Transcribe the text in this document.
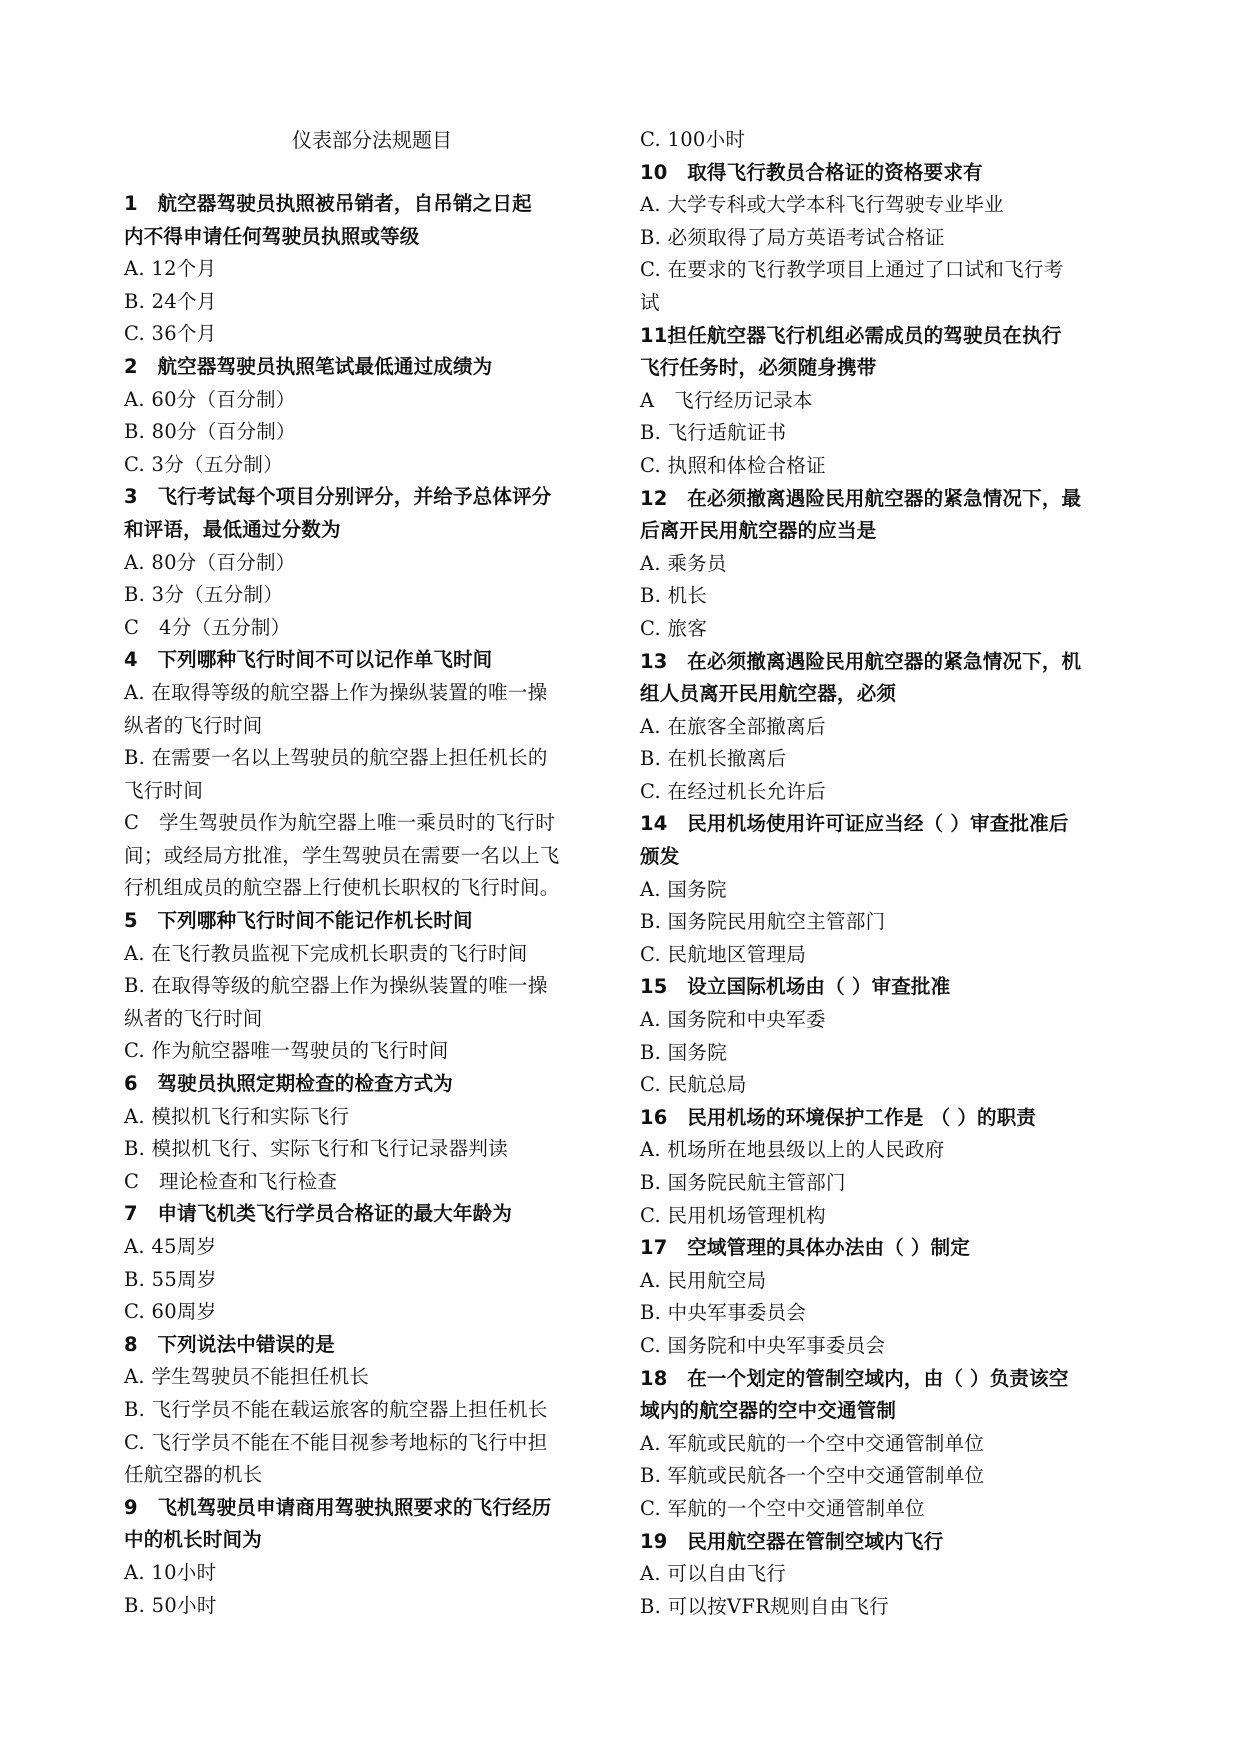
仪表部分法规题目
1　航空器驾驶员执照被吊销者，自吊销之日起
内不得申请任何驾驶员执照或等级
A. 12个月
B. 24个月
C. 36个月
2　航空器驾驶员执照笔试最低通过成绩为
A. 60分（百分制）
B. 80分（百分制）
C. 3分（五分制）
3　飞行考试每个项目分别评分，并给予总体评分
和评语，最低通过分数为
A. 80分（百分制）
B. 3分（五分制）
C　4分（五分制）
4　下列哪种飞行时间不可以记作单飞时间
A. 在取得等级的航空器上作为操纵装置的唯一操
纵者的飞行时间
B. 在需要一名以上驾驶员的航空器上担任机长的
飞行时间
C　学生驾驶员作为航空器上唯一乘员时的飞行时
间；或经局方批准，学生驾驶员在需要一名以上飞
行机组成员的航空器上行使机长职权的飞行时间。
5　下列哪种飞行时间不能记作机长时间
A. 在飞行教员监视下完成机长职责的飞行时间
B. 在取得等级的航空器上作为操纵装置的唯一操
纵者的飞行时间
C. 作为航空器唯一驾驶员的飞行时间
6　驾驶员执照定期检查的检查方式为
A. 模拟机飞行和实际飞行
B. 模拟机飞行、实际飞行和飞行记录器判读
C　理论检查和飞行检查
7　申请飞机类飞行学员合格证的最大年龄为
A. 45周岁
B. 55周岁
C. 60周岁
8　下列说法中错误的是
A. 学生驾驶员不能担任机长
B. 飞行学员不能在载运旅客的航空器上担任机长
C. 飞行学员不能在不能目视参考地标的飞行中担
任航空器的机长
9　飞机驾驶员申请商用驾驶执照要求的飞行经历
中的机长时间为
A. 10小时
B. 50小时
C. 100小时
10　取得飞行教员合格证的资格要求有
A. 大学专科或大学本科飞行驾驶专业毕业
B. 必须取得了局方英语考试合格证
C. 在要求的飞行教学项目上通过了口试和飞行考
试
11担任航空器飞行机组必需成员的驾驶员在执行
飞行任务时，必须随身携带
A　飞行经历记录本
B. 飞行适航证书
C. 执照和体检合格证
12　在必须撤离遇险民用航空器的紧急情况下，最
后离开民用航空器的应当是
A. 乘务员
B. 机长
C. 旅客
13　在必须撤离遇险民用航空器的紧急情况下，机
组人员离开民用航空器，必须
A. 在旅客全部撤离后
B. 在机长撤离后
C. 在经过机长允许后
14　民用机场使用许可证应当经（ ）审查批准后
颁发
A. 国务院
B. 国务院民用航空主管部门
C. 民航地区管理局
15　设立国际机场由（ ）审查批准
A. 国务院和中央军委
B. 国务院
C. 民航总局
16　民用机场的环境保护工作是 （ ）的职责
A. 机场所在地县级以上的人民政府
B. 国务院民航主管部门
C. 民用机场管理机构
17　空域管理的具体办法由（ ）制定
A. 民用航空局
B. 中央军事委员会
C. 国务院和中央军事委员会
18　在一个划定的管制空域内，由（ ）负责该空
域内的航空器的空中交通管制
A. 军航或民航的一个空中交通管制单位
B. 军航或民航各一个空中交通管制单位
C. 军航的一个空中交通管制单位
19　民用航空器在管制空域内飞行
A. 可以自由飞行
B. 可以按VFR规则自由飞行
